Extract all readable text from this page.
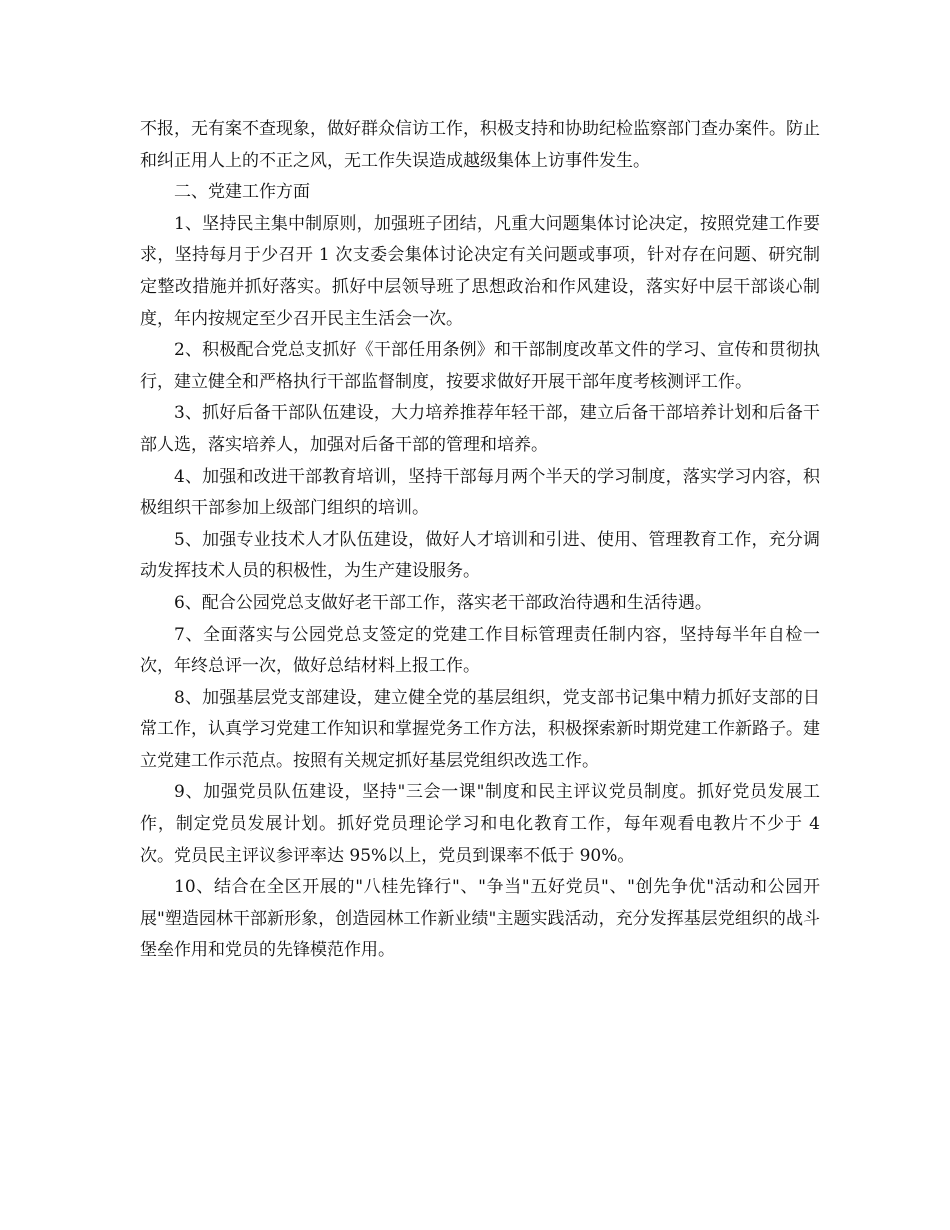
不报，无有案不查现象，做好群众信访工作，积极支持和协助纪检监察部门查办案件。防止和纠正用人上的不正之风，无工作失误造成越级集体上访事件发生。

二、党建工作方面

1、坚持民主集中制原则，加强班子团结，凡重大问题集体讨论决定，按照党建工作要求，坚持每月于少召开 1 次支委会集体讨论决定有关问题或事项，针对存在问题、研究制定整改措施并抓好落实。抓好中层领导班了思想政治和作风建设，落实好中层干部谈心制度，年内按规定至少召开民主生活会一次。

2、积极配合党总支抓好《干部任用条例》和干部制度改革文件的学习、宣传和贯彻执行，建立健全和严格执行干部监督制度，按要求做好开展干部年度考核测评工作。

3、抓好后备干部队伍建设，大力培养推荐年轻干部，建立后备干部培养计划和后备干部人选，落实培养人，加强对后备干部的管理和培养。

4、加强和改进干部教育培训，坚持干部每月两个半天的学习制度，落实学习内容，积极组织干部参加上级部门组织的培训。

5、加强专业技术人才队伍建设，做好人才培训和引进、使用、管理教育工作，充分调动发挥技术人员的积极性，为生产建设服务。

6、配合公园党总支做好老干部工作，落实老干部政治待遇和生活待遇。

7、全面落实与公园党总支签定的党建工作目标管理责任制内容，坚持每半年自检一次，年终总评一次，做好总结材料上报工作。

8、加强基层党支部建设，建立健全党的基层组织，党支部书记集中精力抓好支部的日常工作，认真学习党建工作知识和掌握党务工作方法，积极探索新时期党建工作新路子。建立党建工作示范点。按照有关规定抓好基层党组织改选工作。

9、加强党员队伍建设，坚持"三会一课"制度和民主评议党员制度。抓好党员发展工作，制定党员发展计划。抓好党员理论学习和电化教育工作，每年观看电教片不少于 4 次。党员民主评议参评率达 95%以上，党员到课率不低于 90%。

10、结合在全区开展的"八桂先锋行"、"争当"五好党员"、"创先争优"活动和公园开展"塑造园林干部新形象，创造园林工作新业绩"主题实践活动，充分发挥基层党组织的战斗堡垒作用和党员的先锋模范作用。
